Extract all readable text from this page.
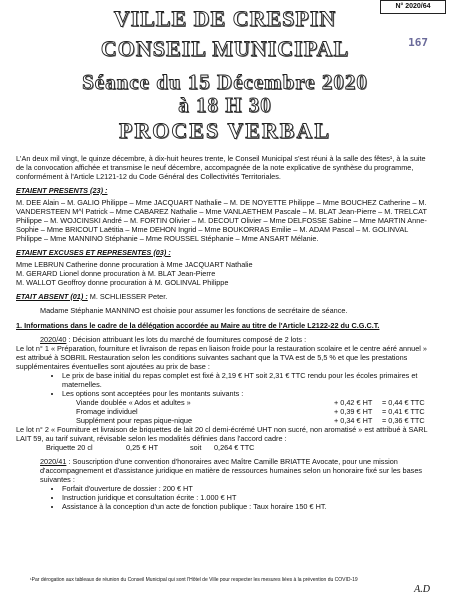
N° 2020/64
167
VILLE DE CRESPIN
CONSEIL MUNICIPAL
Séance du 15 Décembre 2020
à 18 H 30
PROCES VERBAL

L'An deux mil vingt, le quinze décembre, à dix-huit heures trente, le Conseil Municipal s'est réuni à la salle des fêtes¹, à la suite de la convocation affichée et transmise le neuf décembre, accompagnée de la note explicative de synthèse du programme, conformément à l'Article L2121-12 du Code Général des Collectivités Territoriales.

ETAIENT PRESENTS (23) :

M. DEE Alain – M. GALIO Philippe – Mme JACQUART Nathalie – M. DE NOYETTE Philippe – Mme BOUCHEZ Catherine – M. VANDERSTEEN M^l Patrick – Mme CABAREZ Nathalie – Mme VANLAETHEM Pascale – M. BLAT Jean-Pierre – M. TRELCAT Philippe – M. WOJCINSKI André – M. FORTIN Olivier – M. DECOUT Olivier – Mme DELFOSSE Sabine – Mme MARTIN Anne-Sophie – Mme BRICOUT Laëtitia – Mme DEHON Ingrid – Mme BOUKORRAS Emilie – M. ADAM Pascal – M. GOLINVAL Philippe – Mme MANNINO Stéphanie – Mme ROUSSEL Stéphanie – Mme ANSART Mélanie.

ETAIENT EXCUSES ET REPRESENTES (03) :

Mme LEBRUN Catherine donne procuration à Mme JACQUART Nathalie

M. GERARD Lionel donne procuration à M. BLAT Jean-Pierre

M. WALLOT Geoffroy donne procuration à M. GOLINVAL Philippe

ETAIT ABSENT (01) : M. SCHLIESSER Peter.

Madame Stéphanie MANNINO est choisie pour assumer les fonctions de secrétaire de séance.

1. Informations dans le cadre de la délégation accordée au Maire au titre de l'Article L2122-22 du C.G.C.T.

2020/40 : Décision attribuant les lots du marché de fournitures composé de 2 lots :

Le lot n° 1 « Préparation, fourniture et livraison de repas en liaison froide pour la restauration scolaire et le centre aéré annuel » est attribué à SOBRIL Restauration selon les conditions suivantes sachant que la TVA est de 5,5 % et que les prestations supplémentaires éventuelles sont ajoutées au prix de base :

• Le prix de base initial du repas complet est fixé à 2,19 € HT soit 2,31 € TTC rendu pour les écoles primaires et maternelles.
• Les options sont acceptées pour les montants suivants :
Viande doublée « Ados et adultes »	+ 0,42 € HT	= 0,44 € TTC
Fromage individuel	+ 0,39 € HT	= 0,41 € TTC
Supplément pour repas pique-nique	+ 0,34 € HT	= 0,36 € TTC

Le lot n° 2 « Fourniture et livraison de briquettes de lait 20 cl demi-écrémé UHT non sucré, non aromatisé » est attribué à SARL LAIT 59, au tarif suivant, révisable selon les modalités définies dans l'accord cadre :

Briquette 20 cl	0,25 € HT	soit	0,264 € TTC

2020/41 : Souscription d'une convention d'honoraires avec Maître Camille BRIATTE Avocate, pour une mission d'accompagnement et d'assistance juridique en matière de ressources humaines selon un honoraire fixé sur les bases suivantes :

• Forfait d'ouverture de dossier : 200 € HT
• Instruction juridique et consultation écrite : 1.000 € HT
• Assistance à la conception d'un acte de fonction publique : Taux horaire 150 € HT.
¹Par dérogation aux tableaux de réunion du Conseil Municipal qui sont l'Hôtel de Ville pour respecter les mesures liées à la prévention du COVID-19
A.D
